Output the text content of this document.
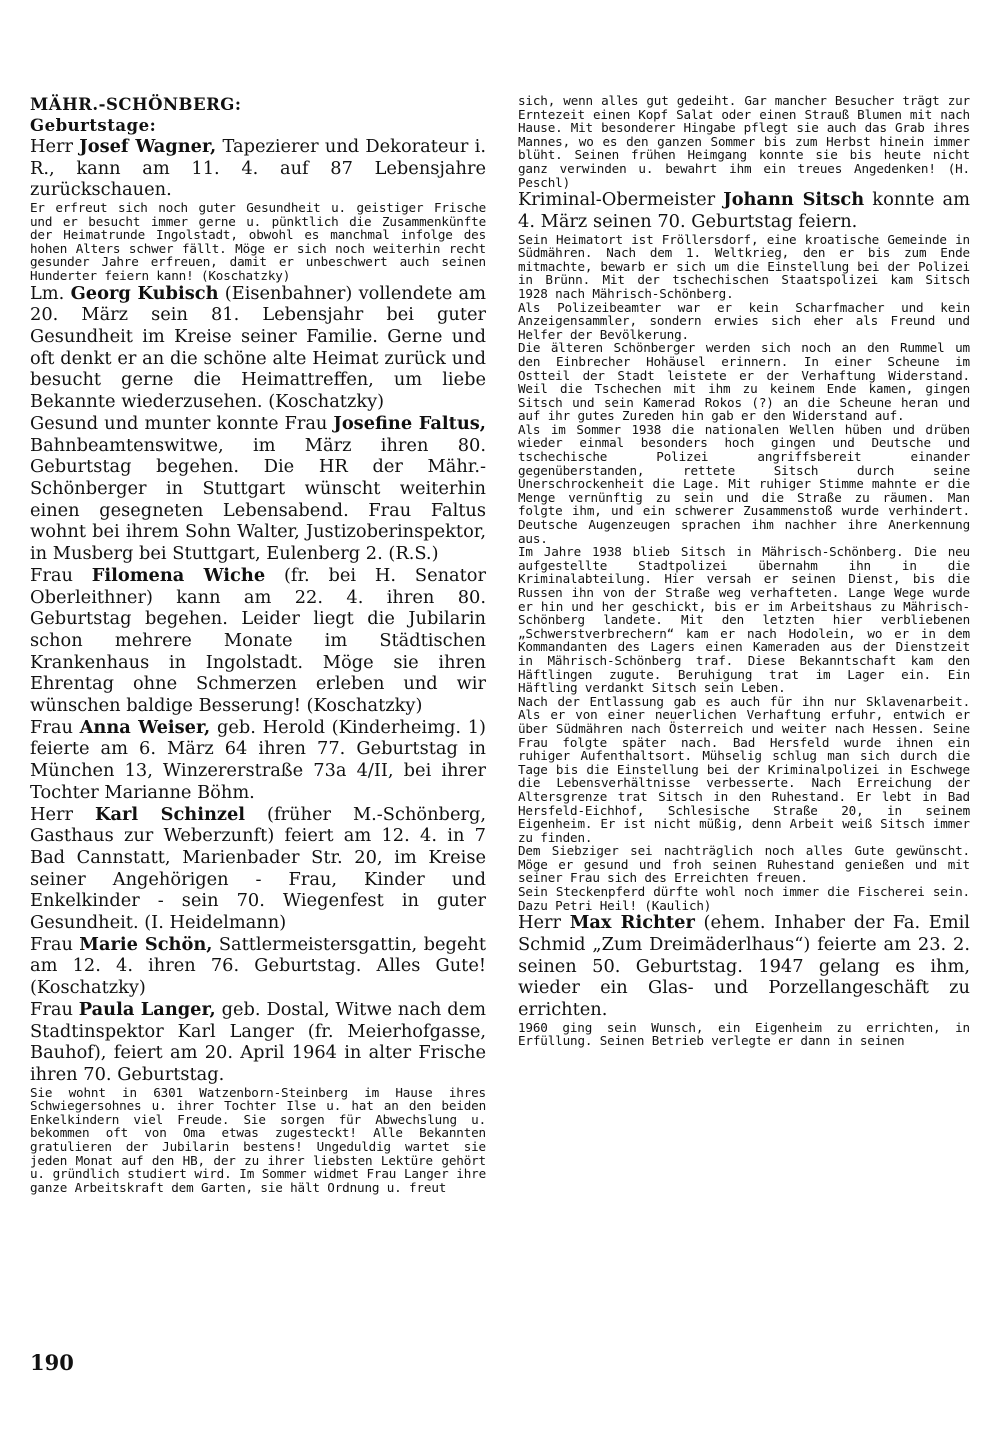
MÄHR.-SCHÖNBERG:

Geburtstage:

Herr Josef Wagner, Tapezierer und Dekorateur i. R., kann am 11. 4. auf 87 Lebensjahre zurückschauen.

Er erfreut sich noch guter Gesundheit u. geistiger Frische und er besucht immer gerne u. pünktlich die Zusammenkünfte der Heimatrunde Ingolstadt, obwohl es manchmal infolge des hohen Alters schwer fällt. Möge er sich noch weiterhin recht gesunder Jahre erfreuen, damit er unbeschwert auch seinen Hunderter feiern kann! (Koschatzky)

Lm. Georg Kubisch (Eisenbahner) vollendete am 20. März sein 81. Lebensjahr bei guter Gesundheit im Kreise seiner Familie. Gerne und oft denkt er an die schöne alte Heimat zurück und besucht gerne die Heimattreffen, um liebe Bekannte wiederzusehen. (Koschatzky)

Gesund und munter konnte Frau Josefine Faltus, Bahnbeamtenswitwe, im März ihren 80. Geburtstag begehen. Die HR der Mähr.-Schönberger in Stuttgart wünscht weiterhin einen gesegneten Lebensabend. Frau Faltus wohnt bei ihrem Sohn Walter, Justizoberinspektor, in Musberg bei Stuttgart, Eulenberg 2. (R.S.)

Frau Filomena Wiche (fr. bei H. Senator Oberleithner) kann am 22. 4. ihren 80. Geburtstag begehen. Leider liegt die Jubilarin schon mehrere Monate im Städtischen Krankenhaus in Ingolstadt. Möge sie ihren Ehrentag ohne Schmerzen erleben und wir wünschen baldige Besserung! (Koschatzky)

Frau Anna Weiser, geb. Herold (Kinderheimg. 1) feierte am 6. März 64 ihren 77. Geburtstag in München 13, Winzererstraße 73a 4/II, bei ihrer Tochter Marianne Böhm.

Herr Karl Schinzel (früher M.-Schönberg, Gasthaus zur Weberzunft) feiert am 12. 4. in 7 Bad Cannstatt, Marienbader Str. 20, im Kreise seiner Angehörigen - Frau, Kinder und Enkelkinder - sein 70. Wiegenfest in guter Gesundheit. (I. Heidelmann)

Frau Marie Schön, Sattlermeistersgattin, begeht am 12. 4. ihren 76. Geburtstag. Alles Gute! (Koschatzky)

Frau Paula Langer, geb. Dostal, Witwe nach dem Stadtinspektor Karl Langer (fr. Meierhofgasse, Bauhof), feiert am 20. April 1964 in alter Frische ihren 70. Geburtstag.

Sie wohnt in 6301 Watzenborn-Steinberg im Hause ihres Schwiegersohnes u. ihrer Tochter Ilse u. hat an den beiden Enkelkindern viel Freude. Sie sorgen für Abwechslung u. bekommen oft von Oma etwas zugesteckt! Alle Bekannten gratulieren der Jubilarin bestens! Ungeduldig wartet sie jeden Monat auf den HB, der zu ihrer liebsten Lektüre gehört u. gründlich studiert wird. Im Sommer widmet Frau Langer ihre ganze Arbeitskraft dem Garten, sie hält Ordnung u. freut

sich, wenn alles gut gedeiht. Gar mancher Besucher trägt zur Erntezeit einen Kopf Salat oder einen Strauß Blumen mit nach Hause. Mit besonderer Hingabe pflegt sie auch das Grab ihres Mannes, wo es den ganzen Sommer bis zum Herbst hinein immer blüht. Seinen frühen Heimgang konnte sie bis heute nicht ganz verwinden u. bewahrt ihm ein treues Angedenken! (H. Peschl)

Kriminal-Obermeister Johann Sitsch konnte am 4. März seinen 70. Geburtstag feiern.

Sein Heimatort ist Fröllersdorf, eine kroatische Gemeinde in Südmähren. Nach dem 1. Weltkrieg, den er bis zum Ende mitmachte, bewarb er sich um die Einstellung bei der Polizei in Brünn. Mit der tschechischen Staatspolizei kam Sitsch 1928 nach Mährisch-Schönberg.

Als Polizeibeamter war er kein Scharfmacher und kein Anzeigensammler, sondern erwies sich eher als Freund und Helfer der Bevölkerung.

Die älteren Schönberger werden sich noch an den Rummel um den Einbrecher Hohäusel erinnern. In einer Scheune im Ostteil der Stadt leistete er der Verhaftung Widerstand. Weil die Tschechen mit ihm zu keinem Ende kamen, gingen Sitsch und sein Kamerad Rokos (?) an die Scheune heran und auf ihr gutes Zureden hin gab er den Widerstand auf.

Als im Sommer 1938 die nationalen Wellen hüben und drüben wieder einmal besonders hoch gingen und Deutsche und tschechische Polizei angriffsbereit einander gegenüberstanden, rettete Sitsch durch seine Unerschrockenheit die Lage. Mit ruhiger Stimme mahnte er die Menge vernünftig zu sein und die Straße zu räumen. Man folgte ihm, und ein schwerer Zusammenstoß wurde verhindert. Deutsche Augenzeugen sprachen ihm nachher ihre Anerkennung aus.

Im Jahre 1938 blieb Sitsch in Mährisch-Schönberg. Die neu aufgestellte Stadtpolizei übernahm ihn in die Kriminalabteilung. Hier versah er seinen Dienst, bis die Russen ihn von der Straße weg verhafteten. Lange Wege wurde er hin und her geschickt, bis er im Arbeitshaus zu Mährisch-Schönberg landete. Mit den letzten hier verbliebenen „Schwerstverbrechern“ kam er nach Hodolein, wo er in dem Kommandanten des Lagers einen Kameraden aus der Dienstzeit in Mährisch-Schönberg traf. Diese Bekanntschaft kam den Häftlingen zugute. Beruhigung trat im Lager ein. Ein Häftling verdankt Sitsch sein Leben.

Nach der Entlassung gab es auch für ihn nur Sklavenarbeit. Als er von einer neuerlichen Verhaftung erfuhr, entwich er über Südmähren nach Österreich und weiter nach Hessen. Seine Frau folgte später nach. Bad Hersfeld wurde ihnen ein ruhiger Aufenthaltsort. Mühselig schlug man sich durch die Tage bis die Einstellung bei der Kriminalpolizei in Eschwege die Lebensverhältnisse verbesserte. Nach Erreichung der Altersgrenze trat Sitsch in den Ruhestand. Er lebt in Bad Hersfeld-Eichhof, Schlesische Straße 20, in seinem Eigenheim. Er ist nicht müßig, denn Arbeit weiß Sitsch immer zu finden.

Dem Siebziger sei nachträglich noch alles Gute gewünscht. Möge er gesund und froh seinen Ruhestand genießen und mit seiner Frau sich des Erreichten freuen.

Sein Steckenpferd dürfte wohl noch immer die Fischerei sein. Dazu Petri Heil! (Kaulich)

Herr Max Richter (ehem. Inhaber der Fa. Emil Schmid „Zum Dreimäderlhaus“) feierte am 23. 2. seinen 50. Geburtstag. 1947 gelang es ihm, wieder ein Glas- und Porzellangeschäft zu errichten.

1960 ging sein Wunsch, ein Eigenheim zu errichten, in Erfüllung. Seinen Betrieb verlegte er dann in seinen

190
